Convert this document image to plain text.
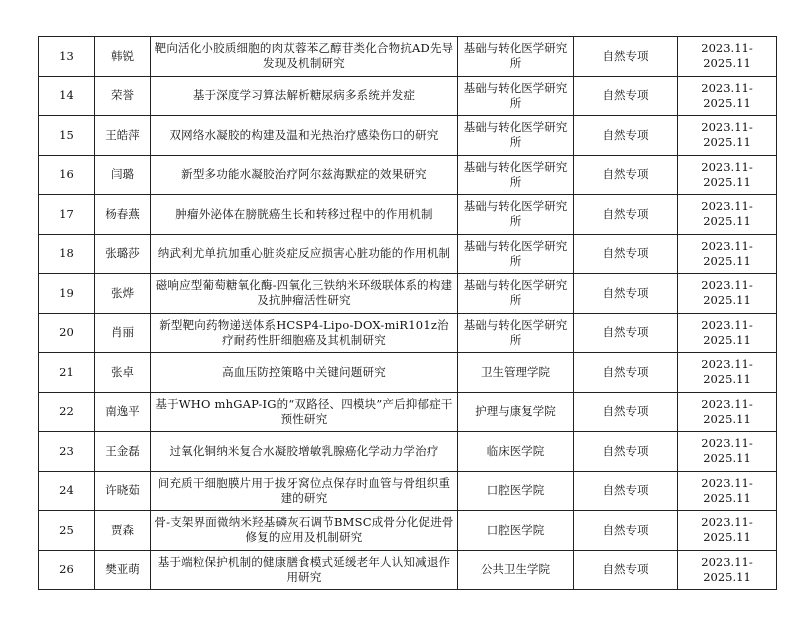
13	韩锐	靶向活化小胶质细胞的肉苁蓉苯乙醇苷类化合物抗AD先导发现及机制研究	基础与转化医学研究所	自然专项	2023.11-2025.11
14	荣誉	基于深度学习算法解析糖尿病多系统并发症	基础与转化医学研究所	自然专项	2023.11-2025.11
15	王皓萍	双网络水凝胶的构建及温和光热治疗感染伤口的研究	基础与转化医学研究所	自然专项	2023.11-2025.11
16	闫璐	新型多功能水凝胶治疗阿尔兹海默症的效果研究	基础与转化医学研究所	自然专项	2023.11-2025.11
17	杨春燕	肿瘤外泌体在膀胱癌生长和转移过程中的作用机制	基础与转化医学研究所	自然专项	2023.11-2025.11
18	张璐莎	纳武利尤单抗加重心脏炎症反应损害心脏功能的作用机制	基础与转化医学研究所	自然专项	2023.11-2025.11
19	张烨	磁响应型葡萄糖氧化酶-四氧化三铁纳米环级联体系的构建及抗肿瘤活性研究	基础与转化医学研究所	自然专项	2023.11-2025.11
20	肖丽	新型靶向药物递送体系HCSP4-Lipo-DOX-miR101z治疗耐药性肝细胞癌及其机制研究	基础与转化医学研究所	自然专项	2023.11-2025.11
21	张卓	高血压防控策略中关键问题研究	卫生管理学院	自然专项	2023.11-2025.11
22	南逸平	基于WHO mhGAP-IG的“双路径、四模块”产后抑郁症干预性研究	护理与康复学院	自然专项	2023.11-2025.11
23	王金磊	过氧化铜纳米复合水凝胶增敏乳腺癌化学动力学治疗	临床医学院	自然专项	2023.11-2025.11
24	许晓茹	间充质干细胞膜片用于拔牙窝位点保存时血管与骨组织重建的研究	口腔医学院	自然专项	2023.11-2025.11
25	贾森	骨-支架界面微纳米羟基磷灰石调节BMSC成骨分化促进骨修复的应用及机制研究	口腔医学院	自然专项	2023.11-2025.11
26	樊亚萌	基于端粒保护机制的健康膳食模式延缓老年人认知减退作用研究	公共卫生学院	自然专项	2023.11-2025.11
